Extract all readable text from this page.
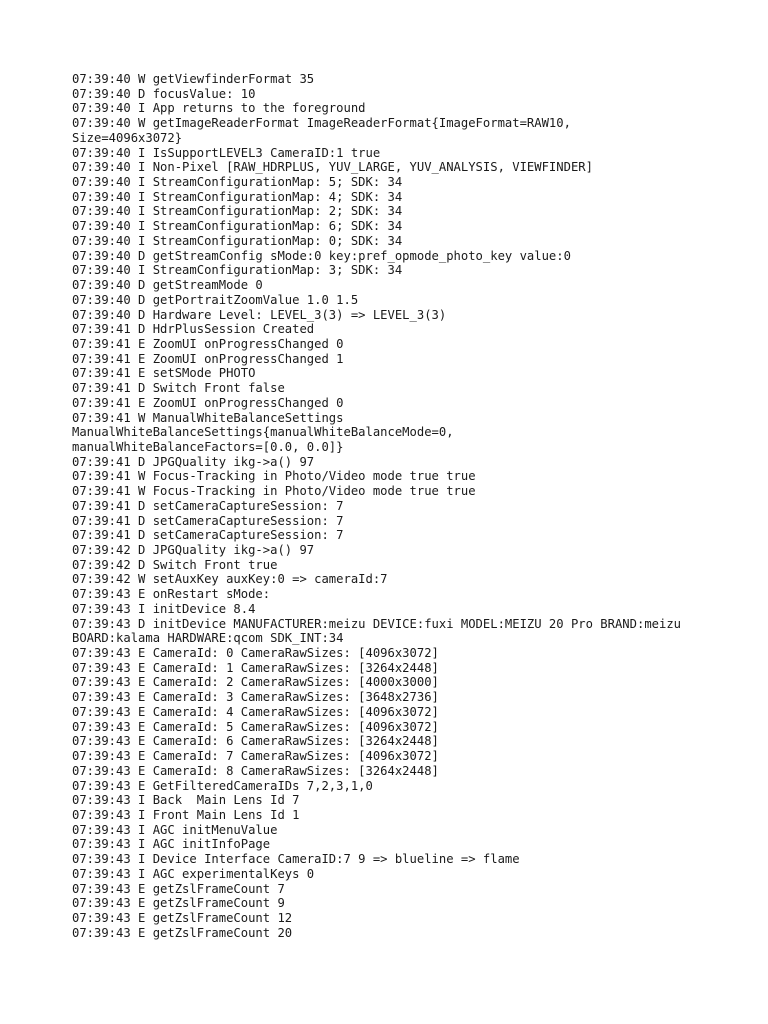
07:39:40 W getViewfinderFormat 35
07:39:40 D focusValue: 10
07:39:40 I App returns to the foreground
07:39:40 W getImageReaderFormat ImageReaderFormat{ImageFormat=RAW10,
Size=4096x3072}
07:39:40 I IsSupportLEVEL3 CameraID:1 true
07:39:40 I Non-Pixel [RAW_HDRPLUS, YUV_LARGE, YUV_ANALYSIS, VIEWFINDER]
07:39:40 I StreamConfigurationMap: 5; SDK: 34
07:39:40 I StreamConfigurationMap: 4; SDK: 34
07:39:40 I StreamConfigurationMap: 2; SDK: 34
07:39:40 I StreamConfigurationMap: 6; SDK: 34
07:39:40 I StreamConfigurationMap: 0; SDK: 34
07:39:40 D getStreamConfig sMode:0 key:pref_opmode_photo_key value:0
07:39:40 I StreamConfigurationMap: 3; SDK: 34
07:39:40 D getStreamMode 0
07:39:40 D getPortraitZoomValue 1.0 1.5
07:39:40 D Hardware Level: LEVEL_3(3) => LEVEL_3(3)
07:39:41 D HdrPlusSession Created
07:39:41 E ZoomUI onProgressChanged 0
07:39:41 E ZoomUI onProgressChanged 1
07:39:41 E setSMode PHOTO
07:39:41 D Switch Front false
07:39:41 E ZoomUI onProgressChanged 0
07:39:41 W ManualWhiteBalanceSettings
ManualWhiteBalanceSettings{manualWhiteBalanceMode=0,
manualWhiteBalanceFactors=[0.0, 0.0]}
07:39:41 D JPGQuality ikg->a() 97
07:39:41 W Focus-Tracking in Photo/Video mode true true
07:39:41 W Focus-Tracking in Photo/Video mode true true
07:39:41 D setCameraCaptureSession: 7
07:39:41 D setCameraCaptureSession: 7
07:39:41 D setCameraCaptureSession: 7
07:39:42 D JPGQuality ikg->a() 97
07:39:42 D Switch Front true
07:39:42 W setAuxKey auxKey:0 => cameraId:7
07:39:43 E onRestart sMode:
07:39:43 I initDevice 8.4
07:39:43 D initDevice MANUFACTURER:meizu DEVICE:fuxi MODEL:MEIZU 20 Pro BRAND:meizu
BOARD:kalama HARDWARE:qcom SDK_INT:34
07:39:43 E CameraId: 0 CameraRawSizes: [4096x3072]
07:39:43 E CameraId: 1 CameraRawSizes: [3264x2448]
07:39:43 E CameraId: 2 CameraRawSizes: [4000x3000]
07:39:43 E CameraId: 3 CameraRawSizes: [3648x2736]
07:39:43 E CameraId: 4 CameraRawSizes: [4096x3072]
07:39:43 E CameraId: 5 CameraRawSizes: [4096x3072]
07:39:43 E CameraId: 6 CameraRawSizes: [3264x2448]
07:39:43 E CameraId: 7 CameraRawSizes: [4096x3072]
07:39:43 E CameraId: 8 CameraRawSizes: [3264x2448]
07:39:43 E GetFilteredCameraIDs 7,2,3,1,0
07:39:43 I Back  Main Lens Id 7
07:39:43 I Front Main Lens Id 1
07:39:43 I AGC initMenuValue
07:39:43 I AGC initInfoPage
07:39:43 I Device Interface CameraID:7 9 => blueline => flame
07:39:43 I AGC experimentalKeys 0
07:39:43 E getZslFrameCount 7
07:39:43 E getZslFrameCount 9
07:39:43 E getZslFrameCount 12
07:39:43 E getZslFrameCount 20
